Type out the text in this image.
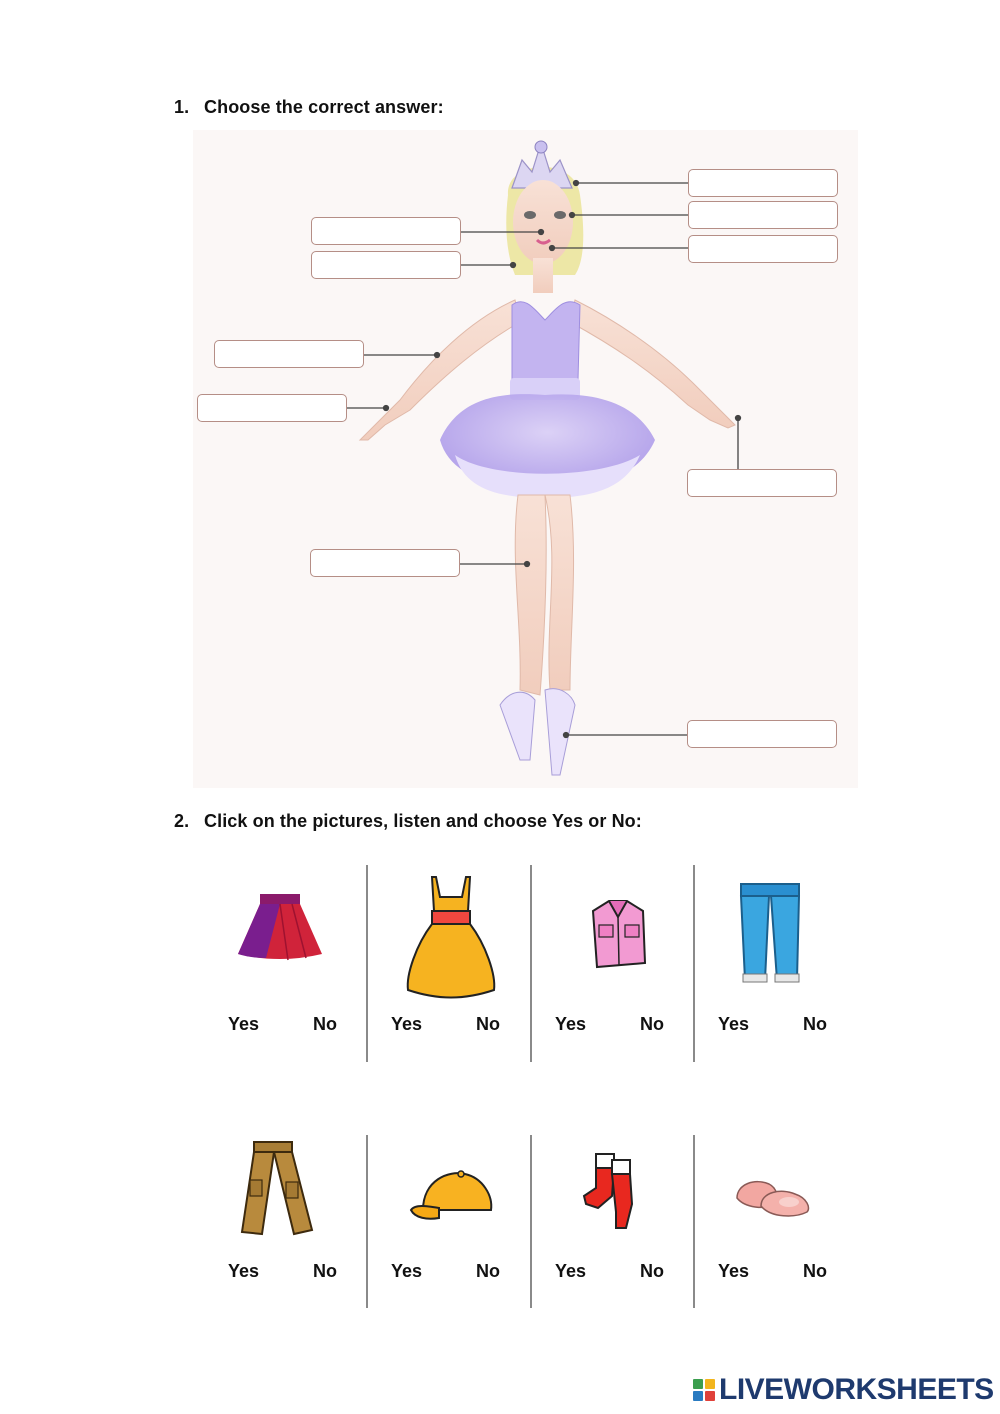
1. Choose the correct answer:
2. Click on the pictures, listen and choose Yes or No:
Yes	No	Yes	No	Yes	No	Yes	No
Yes	No	Yes	No	Yes	No	Yes	No
LIVEWORKSHEETS
